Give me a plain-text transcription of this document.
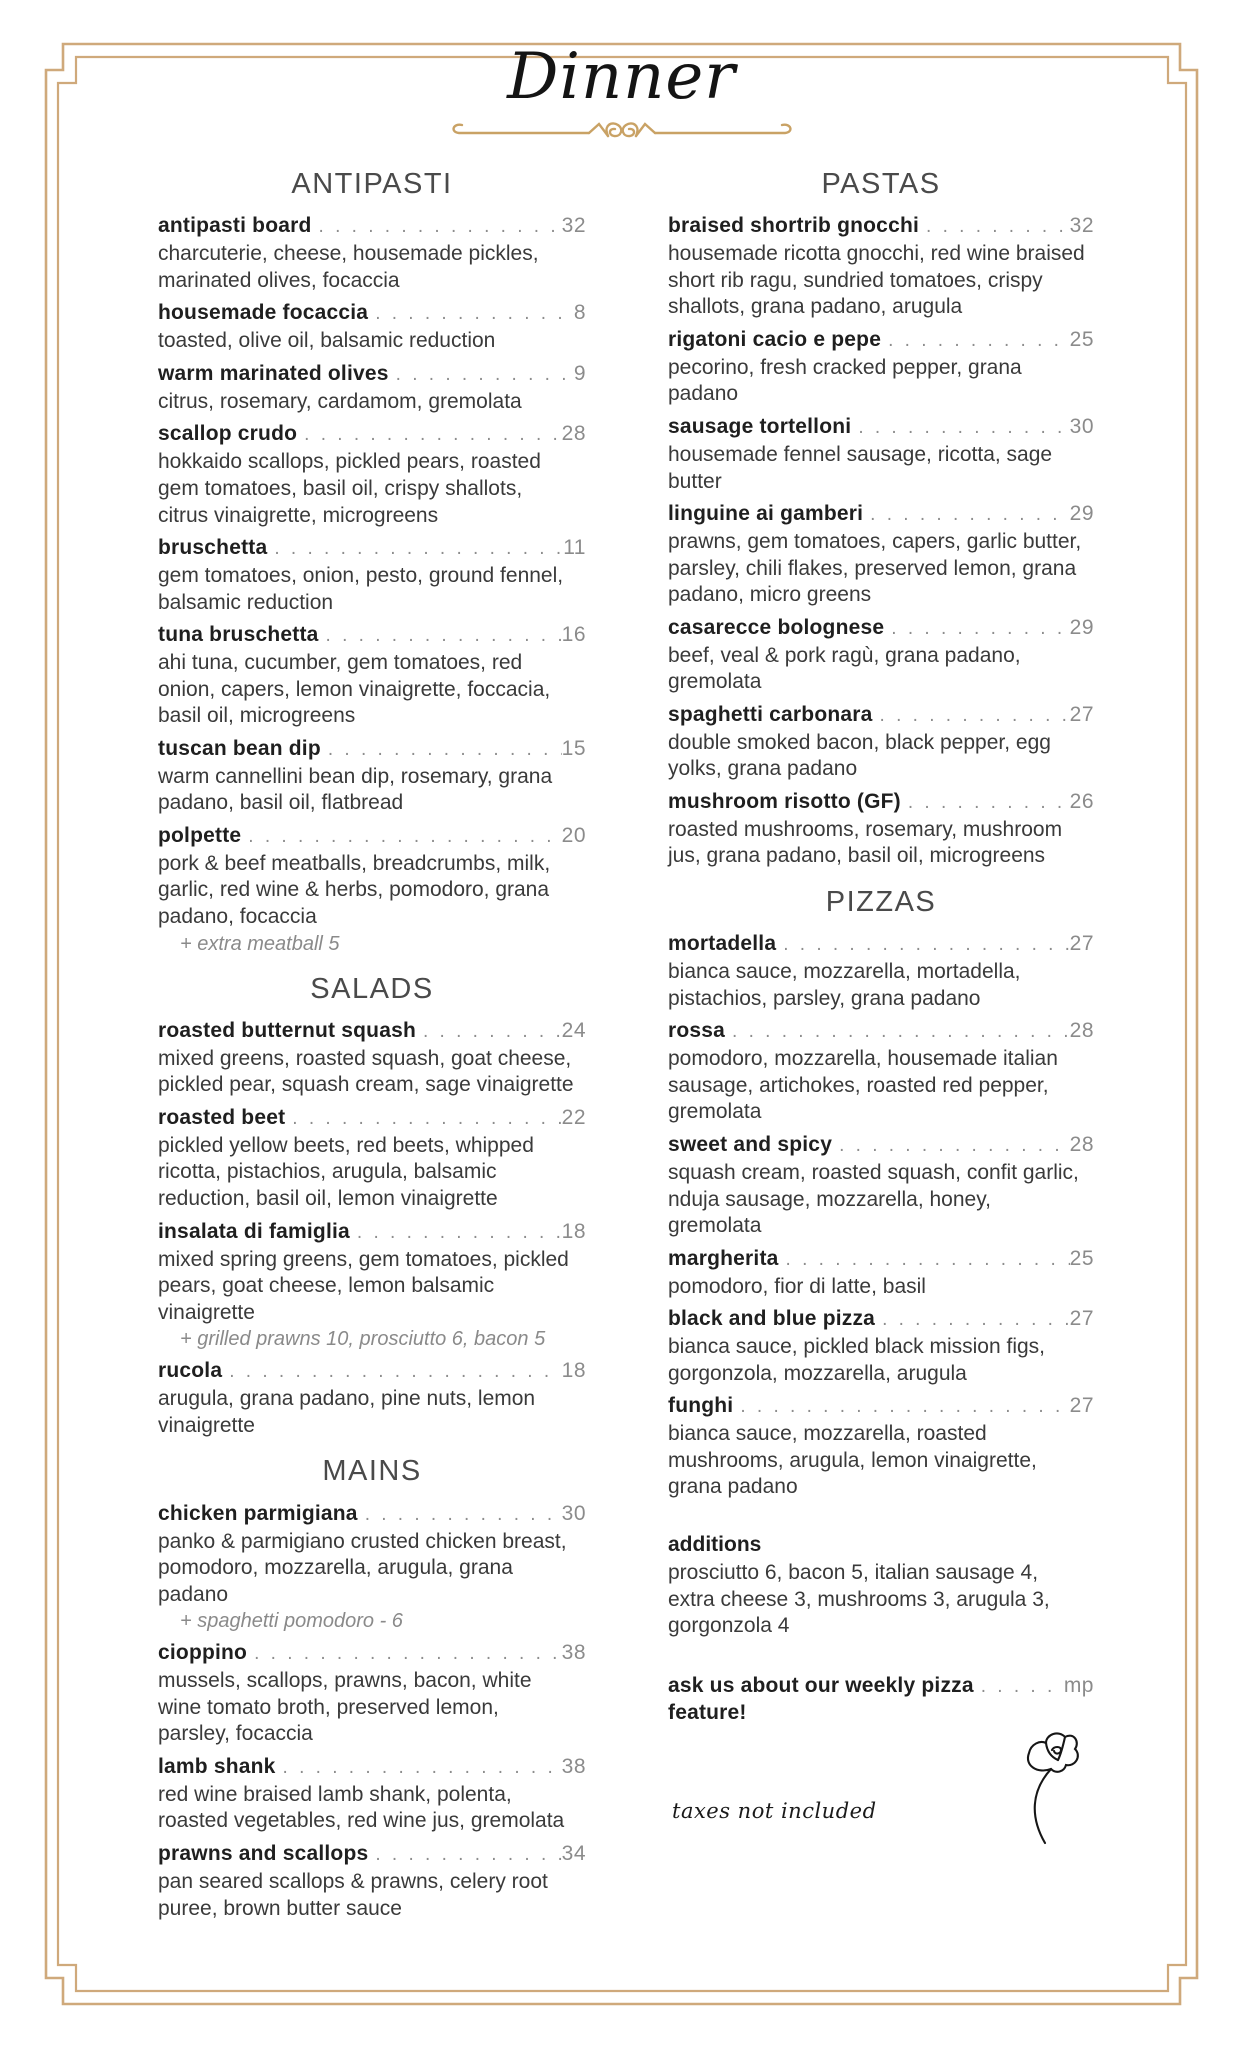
Dinner
ANTIPASTI
antipasti board . . .	32
charcuterie, cheese, housemade pickles, marinated olives, focaccia
housemade focaccia . . .	8
toasted, olive oil, balsamic reduction
warm marinated olives . . .	9
citrus, rosemary, cardamom, gremolata
scallop crudo . . .	28
hokkaido scallops, pickled pears, roasted gem tomatoes, basil oil, crispy shallots, citrus vinaigrette, microgreens
bruschetta . . .	11
gem tomatoes, onion, pesto, ground fennel, balsamic reduction
tuna bruschetta . . .	16
ahi tuna, cucumber, gem tomatoes, red onion, capers, lemon vinaigrette, foccacia, basil oil, microgreens
tuscan bean dip . . .	15
warm cannellini bean dip, rosemary, grana padano, basil oil, flatbread
polpette . . .	20
pork & beef meatballs, breadcrumbs, milk, garlic, red wine & herbs, pomodoro, grana padano, focaccia
+ extra meatball 5
SALADS
roasted butternut squash . . .	24
mixed greens, roasted squash, goat cheese, pickled pear, squash cream, sage vinaigrette
roasted beet . . .	22
pickled yellow beets, red beets, whipped ricotta, pistachios, arugula, balsamic reduction, basil oil, lemon vinaigrette
insalata di famiglia . . .	18
mixed spring greens, gem tomatoes, pickled pears, goat cheese, lemon balsamic vinaigrette
+ grilled prawns 10, prosciutto 6, bacon 5
rucola . . .	18
arugula, grana padano, pine nuts, lemon vinaigrette
MAINS
chicken parmigiana . . .	30
panko & parmigiano crusted chicken breast, pomodoro, mozzarella, arugula, grana padano
+ spaghetti pomodoro - 6
cioppino . . .	38
mussels, scallops, prawns, bacon, white wine tomato broth, preserved lemon, parsley, focaccia
lamb shank . . .	38
red wine braised lamb shank, polenta, roasted vegetables, red wine jus, gremolata
prawns and scallops . . .	34
pan seared scallops & prawns, celery root puree, brown butter sauce
PASTAS
braised shortrib gnocchi . . .	32
housemade ricotta gnocchi, red wine braised short rib ragu, sundried tomatoes, crispy shallots, grana padano, arugula
rigatoni cacio e pepe . . .	25
pecorino, fresh cracked pepper, grana padano
sausage tortelloni . . .	30
housemade fennel sausage, ricotta, sage butter
linguine ai gamberi . . .	29
prawns, gem tomatoes, capers, garlic butter, parsley, chili flakes, preserved lemon, grana padano, micro greens
casarecce bolognese . . .	29
beef, veal & pork ragù, grana padano, gremolata
spaghetti carbonara . . .	27
double smoked bacon, black pepper, egg yolks, grana padano
mushroom risotto (GF) . . .	26
roasted mushrooms, rosemary, mushroom jus, grana padano, basil oil, microgreens
PIZZAS
mortadella . . .	27
bianca sauce, mozzarella, mortadella, pistachios, parsley, grana padano
rossa . . .	28
pomodoro, mozzarella, housemade italian sausage, artichokes, roasted red pepper, gremolata
sweet and spicy . . .	28
squash cream, roasted squash, confit garlic, nduja sausage, mozzarella, honey, gremolata
margherita . . .	25
pomodoro, fior di latte, basil
black and blue pizza . . .	27
bianca sauce, pickled black mission figs, gorgonzola, mozzarella, arugula
funghi . . .	27
bianca sauce, mozzarella, roasted mushrooms, arugula, lemon vinaigrette, grana padano
additions
prosciutto 6, bacon 5, italian sausage 4, extra cheese 3, mushrooms 3, arugula 3, gorgonzola 4
ask us about our weekly pizza . . .	mp
feature!
taxes not included
